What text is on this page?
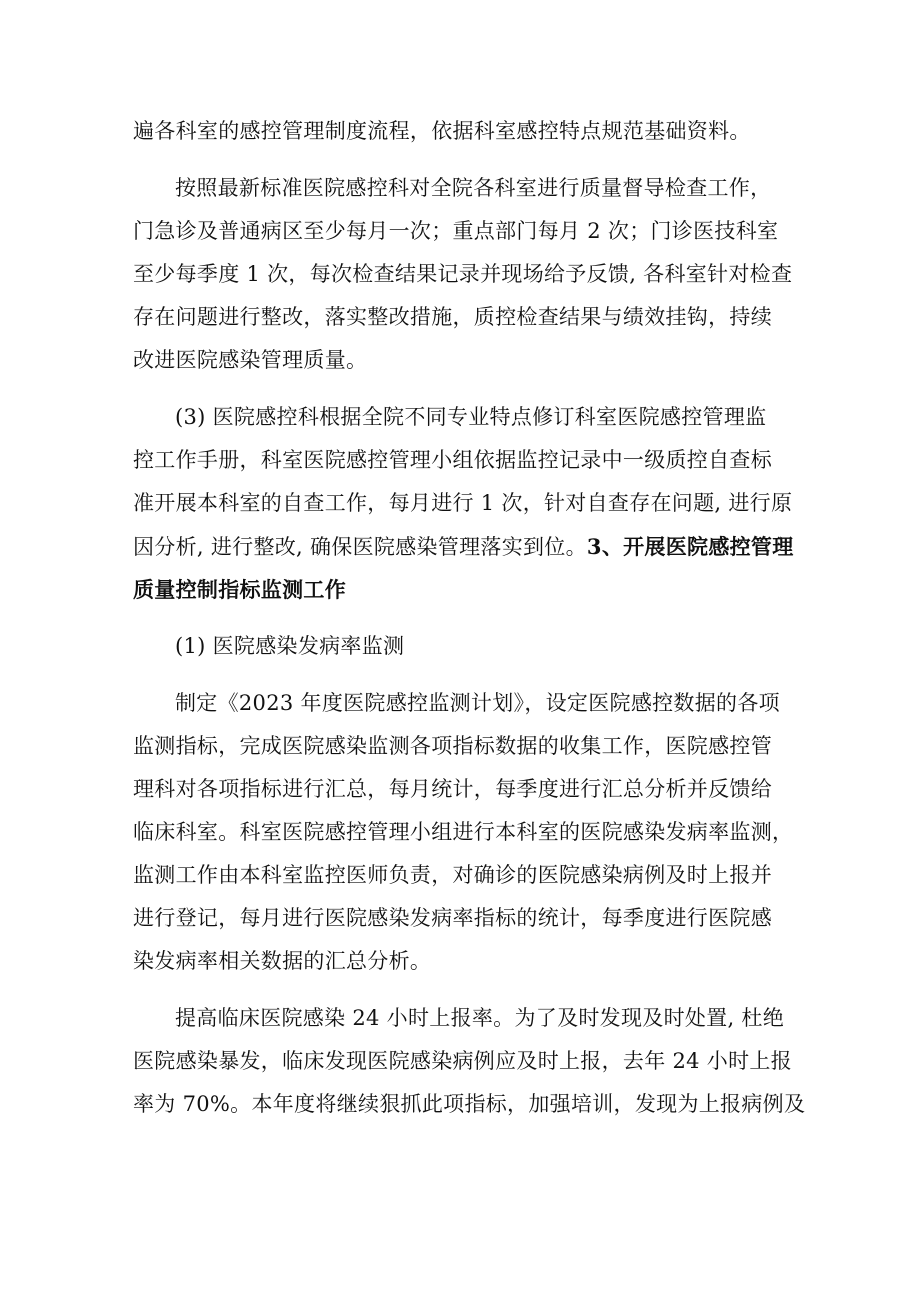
遍各科室的感控管理制度流程，依据科室感控特点规范基础资料。
按照最新标准医院感控科对全院各科室进行质量督导检查工作，
门急诊及普通病区至少每月一次；重点部门每月 2 次；门诊医技科室
至少每季度 1 次，每次检查结果记录并现场给予反馈, 各科室针对检查
存在问题进行整改，落实整改措施，质控检查结果与绩效挂钩，持续
改进医院感染管理质量。
(3) 医院感控科根据全院不同专业特点修订科室医院感控管理监
控工作手册，科室医院感控管理小组依据监控记录中一级质控自查标
准开展本科室的自查工作，每月进行 1 次，针对自查存在问题, 进行原
因分析, 进行整改, 确保医院感染管理落实到位。3、开展医院感控管理
质量控制指标监测工作
(1) 医院感染发病率监测
制定《2023 年度医院感控监测计划》，设定医院感控数据的各项
监测指标，完成医院感染监测各项指标数据的收集工作，医院感控管
理科对各项指标进行汇总，每月统计，每季度进行汇总分析并反馈给
临床科室。科室医院感控管理小组进行本科室的医院感染发病率监测，
监测工作由本科室监控医师负责，对确诊的医院感染病例及时上报并
进行登记，每月进行医院感染发病率指标的统计，每季度进行医院感
染发病率相关数据的汇总分析。
提高临床医院感染 24 小时上报率。为了及时发现及时处置, 杜绝
医院感染暴发，临床发现医院感染病例应及时上报，去年 24 小时上报
率为 70%。本年度将继续狠抓此项指标，加强培训，发现为上报病例及
